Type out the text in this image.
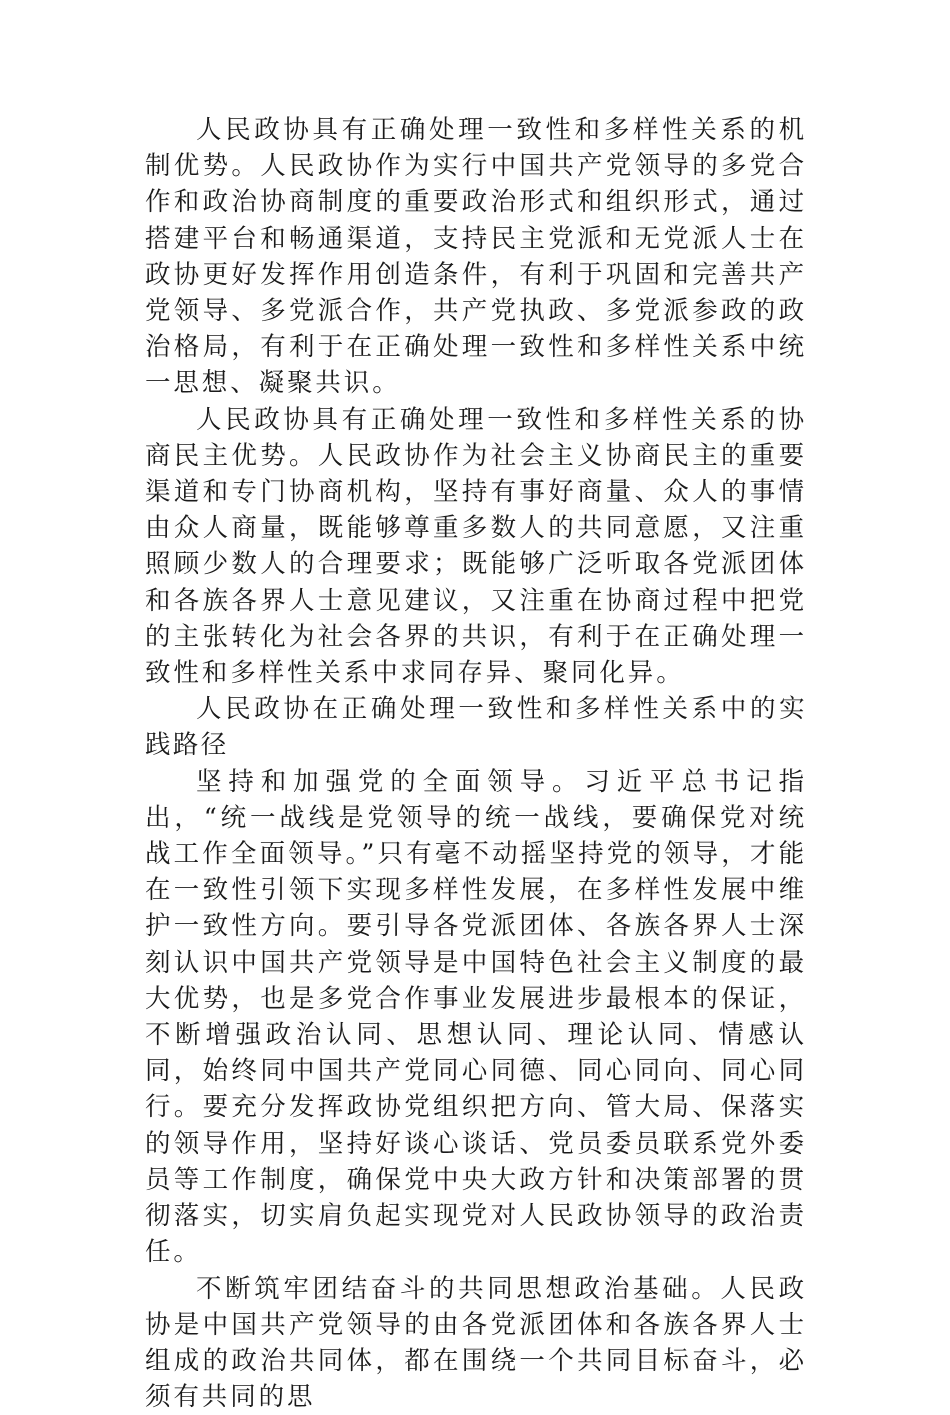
人民政协具有正确处理一致性和多样性关系的机制优势。人民政协作为实行中国共产党领导的多党合作和政治协商制度的重要政治形式和组织形式，通过搭建平台和畅通渠道，支持民主党派和无党派人士在政协更好发挥作用创造条件，有利于巩固和完善共产党领导、多党派合作，共产党执政、多党派参政的政治格局，有利于在正确处理一致性和多样性关系中统一思想、凝聚共识。

人民政协具有正确处理一致性和多样性关系的协商民主优势。人民政协作为社会主义协商民主的重要渠道和专门协商机构，坚持有事好商量、众人的事情由众人商量，既能够尊重多数人的共同意愿，又注重照顾少数人的合理要求；既能够广泛听取各党派团体和各族各界人士意见建议，又注重在协商过程中把党的主张转化为社会各界的共识，有利于在正确处理一致性和多样性关系中求同存异、聚同化异。

人民政协在正确处理一致性和多样性关系中的实践路径

坚持和加强党的全面领导。习近平总书记指出，“统一战线是党领导的统一战线，要确保党对统战工作全面领导。”只有毫不动摇坚持党的领导，才能在一致性引领下实现多样性发展，在多样性发展中维护一致性方向。要引导各党派团体、各族各界人士深刻认识中国共产党领导是中国特色社会主义制度的最大优势，也是多党合作事业发展进步最根本的保证，不断增强政治认同、思想认同、理论认同、情感认同，始终同中国共产党同心同德、同心同向、同心同行。要充分发挥政协党组织把方向、管大局、保落实的领导作用，坚持好谈心谈话、党员委员联系党外委员等工作制度，确保党中央大政方针和决策部署的贯彻落实，切实肩负起实现党对人民政协领导的政治责任。

不断筑牢团结奋斗的共同思想政治基础。人民政协是中国共产党领导的由各党派团体和各族各界人士组成的政治共同体，都在围绕一个共同目标奋斗，必须有共同的思
